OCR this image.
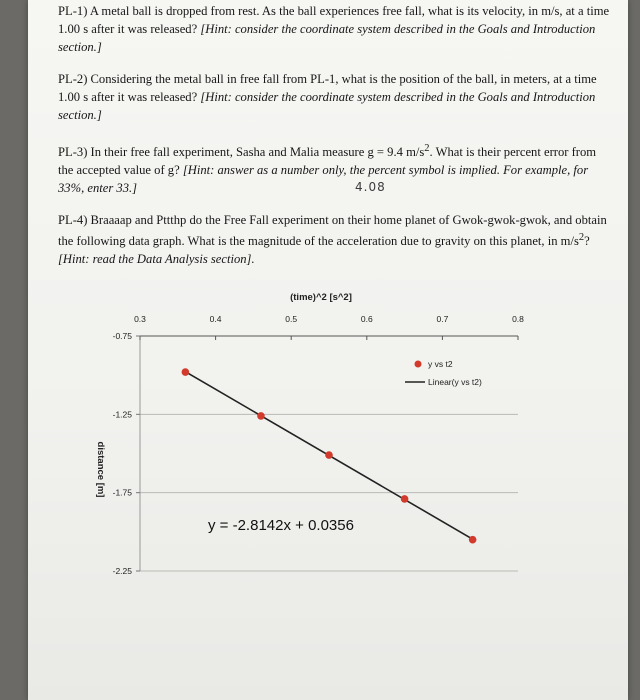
PL-1) A metal ball is dropped from rest. As the ball experiences free fall, what is its velocity, in m/s, at a time 1.00 s after it was released? [Hint: consider the coordinate system described in the Goals and Introduction section.]
PL-2) Considering the metal ball in free fall from PL-1, what is the position of the ball, in meters, at a time 1.00 s after it was released? [Hint: consider the coordinate system described in the Goals and Introduction section.]
PL-3) In their free fall experiment, Sasha and Malia measure g = 9.4 $m/s^2$. What is their percent error from the accepted value of g? [Hint: answer as a number only, the percent symbol is implied. For example, for 33%, enter 33.]	4.08
PL-4) Braaaap and Pttthp do the Free Fall experiment on their home planet of Gwok-gwok-gwok, and obtain the following data graph. What is the magnitude of the acceleration due to gravity on this planet, in $m/s^2$? [Hint: read the Data Analysis section].
0.3	0.4	0.5	0.6	0.7	0.8
-0.75
-1.25
-1.75
-2.25
(time)^2 [s^2]
distance [m]
y vs t2
Linear(y vs t2)
y = -2.8142x + 0.0356
